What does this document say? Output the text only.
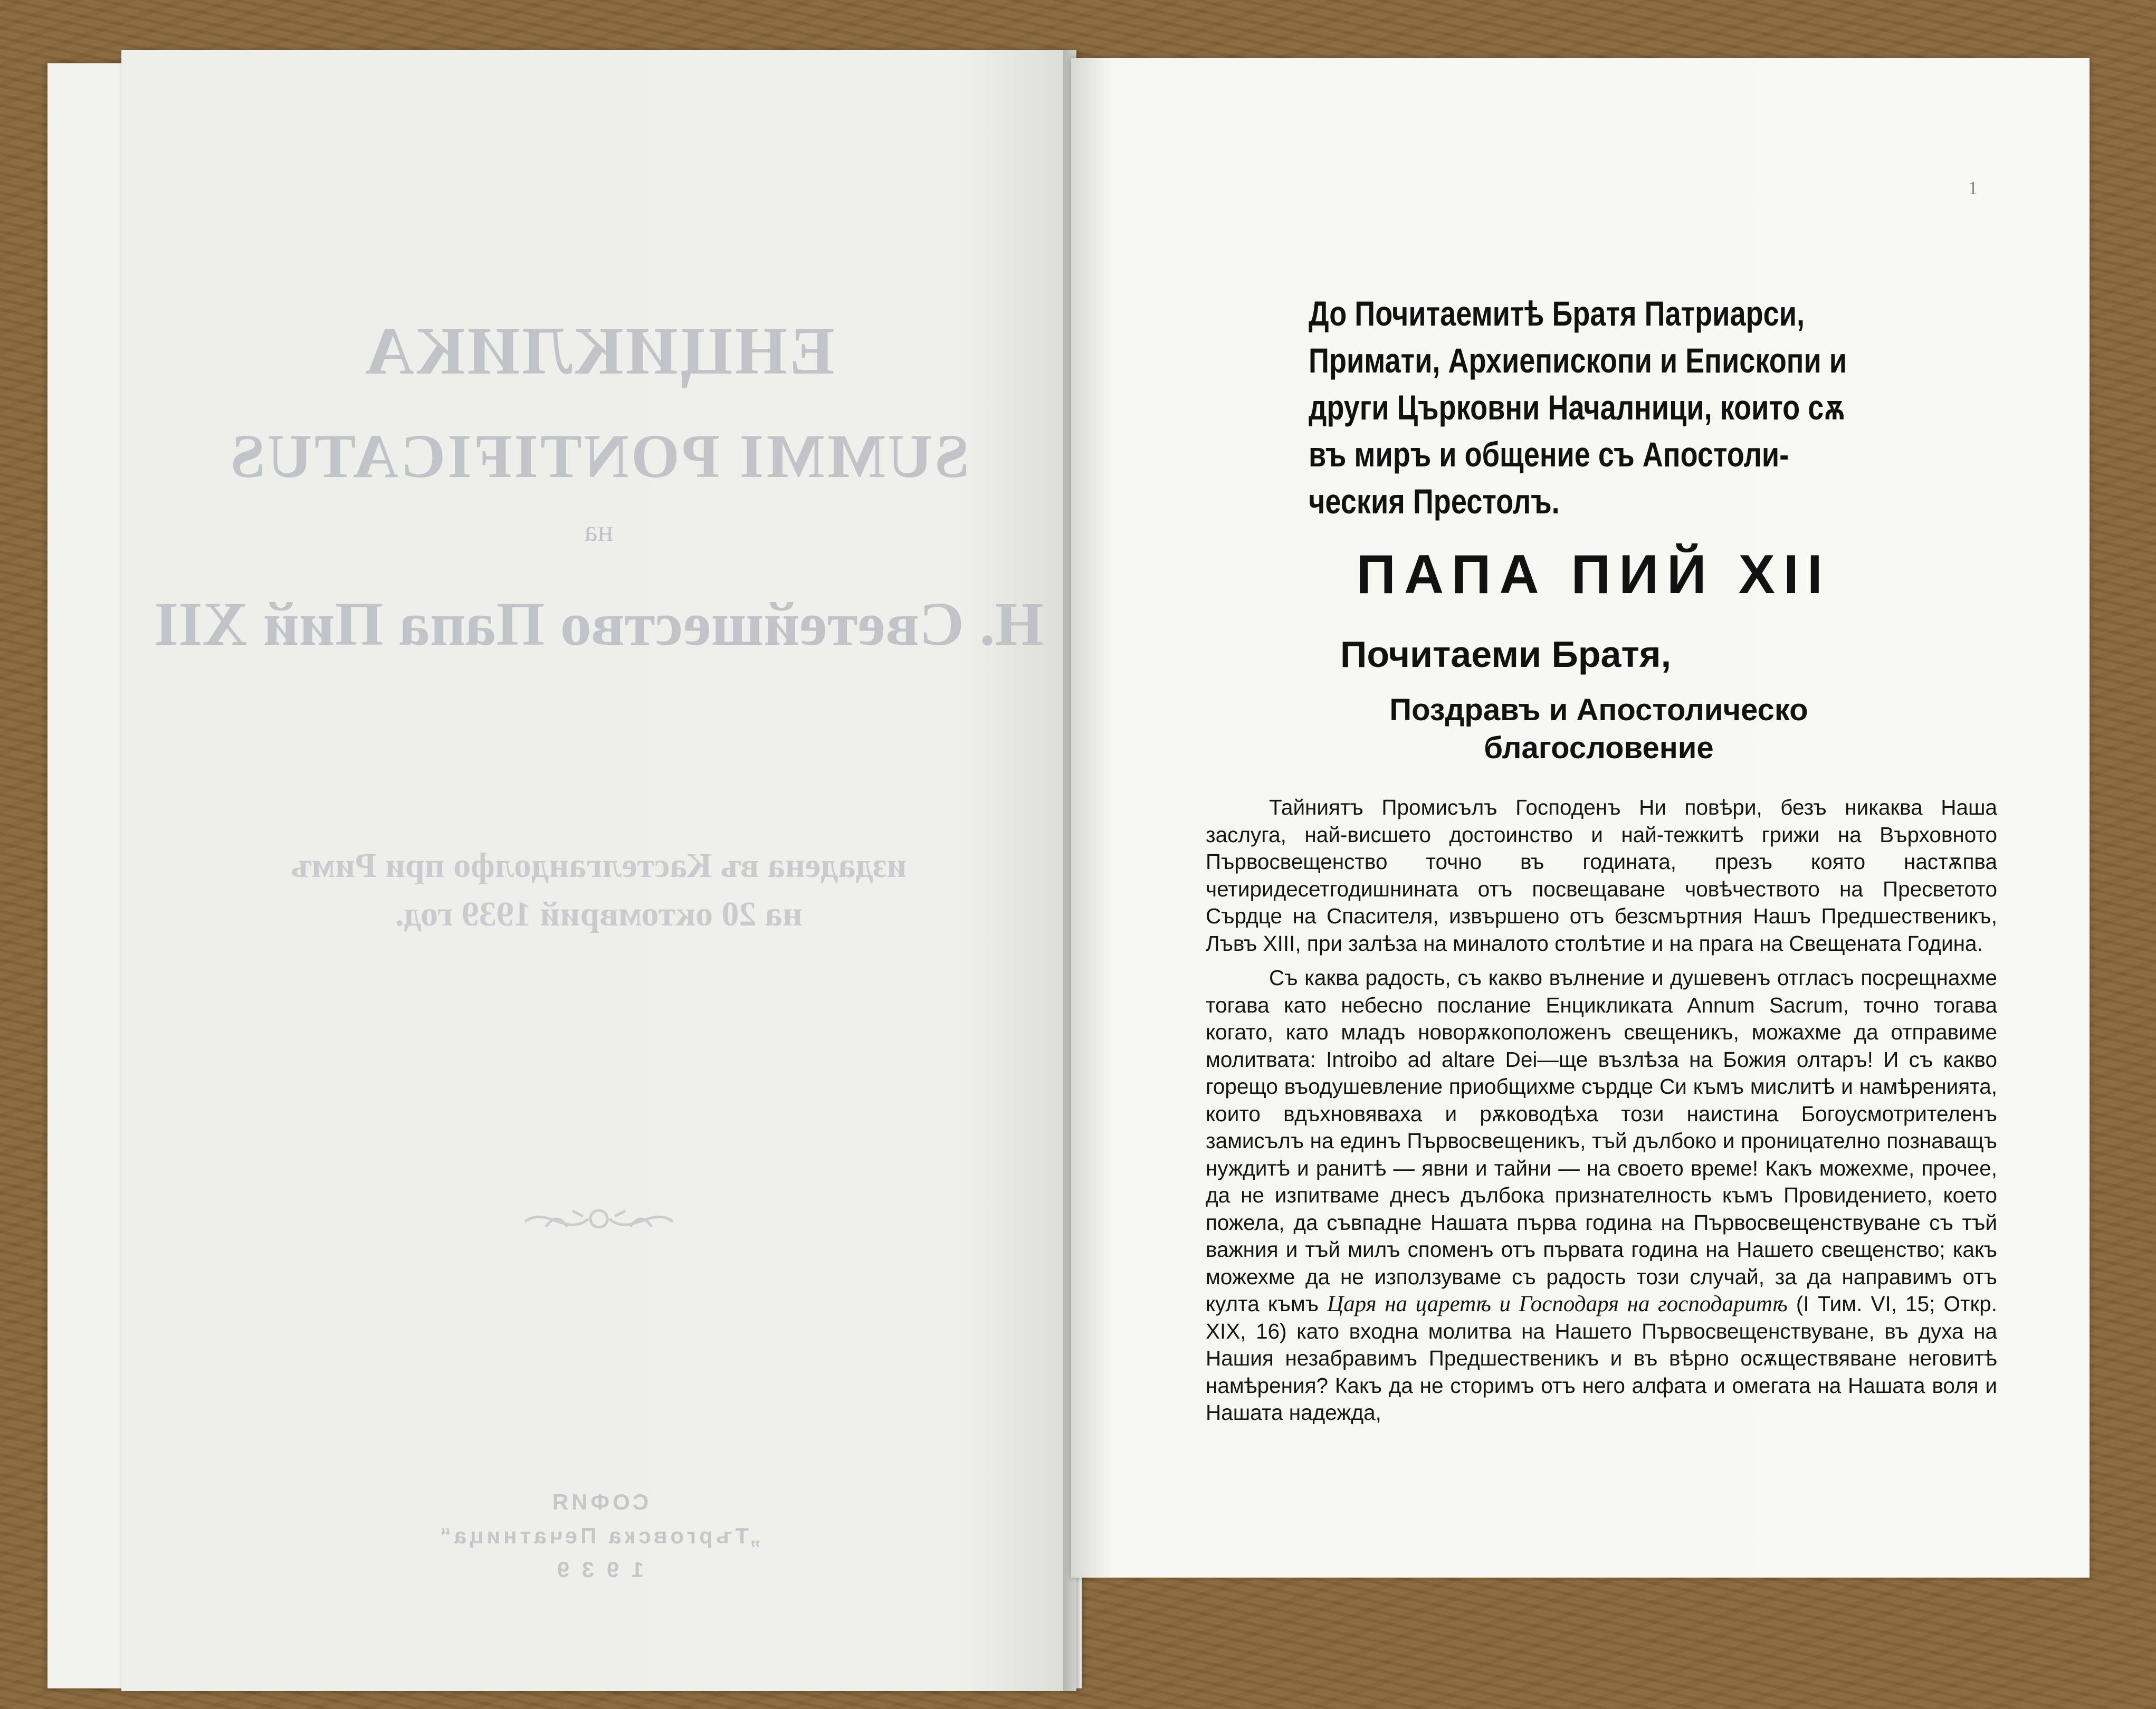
ЕНЦИКЛИКА
SUMMI PONTIFICATUS
на
Н. Светейшество Папа Пий XII
издадена въ Кастелгандолфо при Римъ
на 20 октомврий 1939 год.
СОФИЯ
„Търговска Печатница“
1 9 3 9
1
До Почитаемитѣ Братя Патриарси,
Примати, Архиепископи и Епископи и
други Църковни Началници, които сѫ
въ миръ и общение съ Апостоли-
ческия Престолъ.
ПАПА ПИЙ XII
Почитаеми Братя,
Поздравъ и Апостолическо
благословение

Тайниятъ Промисълъ Господенъ Ни повѣри, безъ никаква Наша заслуга, най-висшето достоинство и най-тежкитѣ грижи на Върховното Първосвещенство точно въ годината, презъ която настѫпва четиридесетгодишнината отъ посвещаване човѣчеството на Пресветото Сърдце на Спасителя, извършено отъ безсмъртния Нашъ Предшественикъ, Лъвъ XIII, при залѣза на миналото столѣтие и на прага на Свещената Година.

Съ каква радость, съ какво вълнение и душевенъ отгласъ посрещнахме тогава като небесно послание Енцикликата Annum Sacrum, точно тогава когато, като младъ новорѫкоположенъ свещеникъ, можахме да отправиме молитвата: Introibo ad altare Dei—ще възлѣза на Божия олтаръ! И съ какво горещо въодушевление приобщихме сърдце Си къмъ мислитѣ и намѣренията, които вдъхновяваха и рѫководѣха този наистина Богоусмотрителенъ замисълъ на единъ Първосвещеникъ, тъй дълбоко и проницателно познаващъ нуждитѣ и ранитѣ — явни и тайни — на своето време! Какъ можехме, прочее, да не изпитваме днесъ дълбока признателность къмъ Провидението, което пожела, да съвпадне Нашата първа година на Първосвещенствуване съ тъй важния и тъй милъ споменъ отъ първата година на Нашето свещенство; какъ можехме да не използуваме съ радость този случай, за да направимъ отъ култа къмъ Царя на царетѣ и Господаря на господаритѣ (I Тим. VI, 15; Откр. XIX, 16) като входна молитва на Нашето Първосвещенствуване, въ духа на Нашия незабравимъ Предшественикъ и въ вѣрно осѫществяване неговитѣ намѣрения? Какъ да не сторимъ отъ него алфата и омегата на Нашата воля и Нашата надежда,
